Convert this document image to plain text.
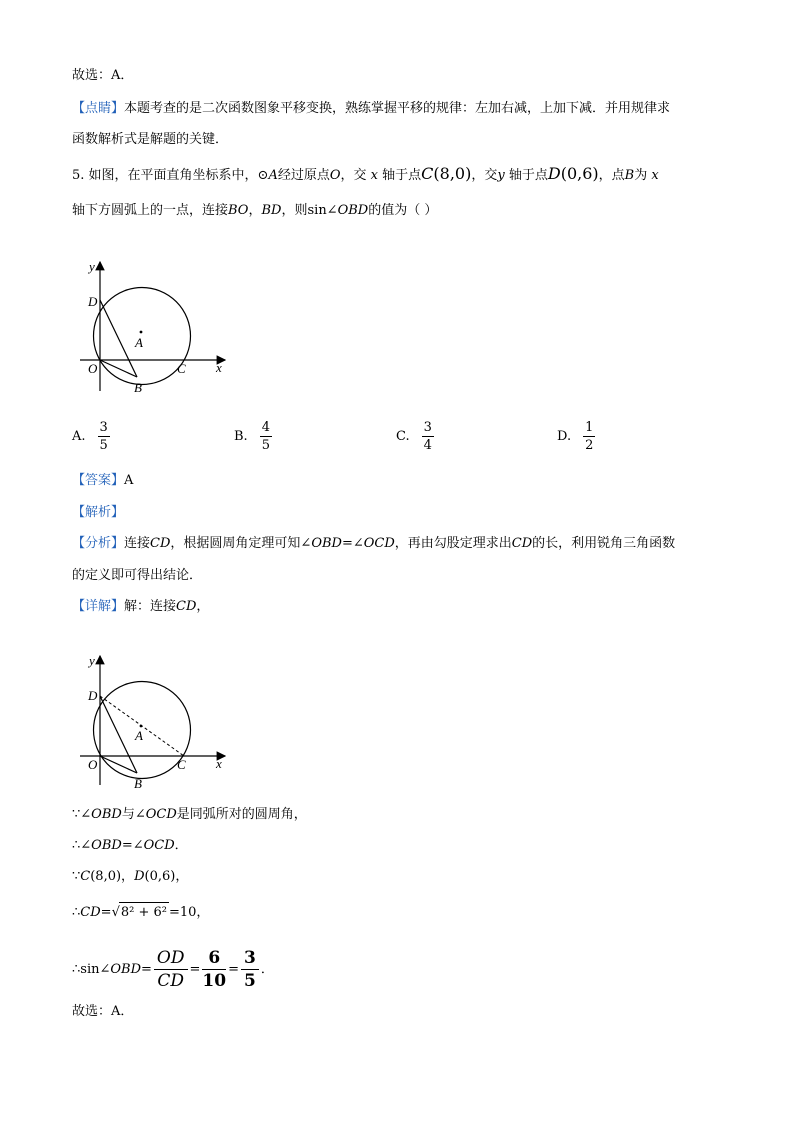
故选：A．
【点睛】本题考查的是二次函数图象平移变换，熟练掌握平移的规律：左加右减，上加下减．并用规律求
函数解析式是解题的关键．
5. 如图，在平面直角坐标系中，⊙A经过原点O，交 x 轴于点C(8,0)，交y 轴于点D(0,6)，点B为 x
轴下方圆弧上的一点，连接BO，BD，则sin∠OBD的值为（ ）
y
x
D
A
O
B
C
A. $\frac{3}{5}$	B. $\frac{4}{5}$	C. $\frac{3}{4}$	D. $\frac{1}{2}$
【答案】A
【解析】
【分析】连接CD，根据圆周角定理可知∠OBD=∠OCD，再由勾股定理求出CD的长，利用锐角三角函数
的定义即可得出结论．
【详解】解：连接CD，
y
x
D
A
O
B
C
∵∠OBD与∠OCD是同弧所对的圆周角，
∴∠OBD=∠OCD．
∵C(8,0)，D(0,6)，
∴CD=√8² + 6² =10，
∴sin∠OBD= $\frac{OD}{CD} = \frac{6}{10} = \frac{3}{5}$ ．
故选：A．
